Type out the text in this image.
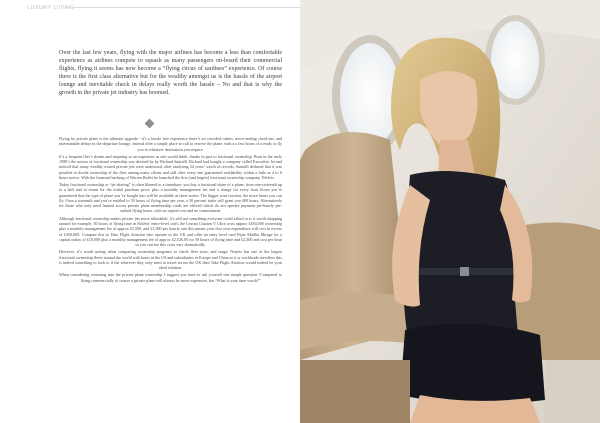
LUXURY LIVING
Over the last few years, flying with the major airlines has become a less than comfortable experience as airlines compete to squash as many passengers on-board their commercial flights, flying it seems has now become a “flying circus of sardines” experience. Of course there is the first class alternative but for the wealthy amongst us is the hassle of the airport lounge and inevitable check in delays really worth the hassle – No and that is why the growth in the private jet industry has boomed.

Flying by private plane is the ultimate upgrade - it’s a hassle free experience there’s no crowded cabins, never-ending check-ins, and interminable delays in the departure lounge, instead offer a simply place to call to reserve the plane, with a a few hours of a ready to fly you to whatever destination you require.

It’s a frequent flier’s dream and inspiring or an expensive as one would think, thanks in part to fractional ownership. Born in the early 1990’s the notion of fractional ownership was devised by by Richard Santulli. Richard had bought a company called Executive Jet and noticed that many wealthy owned private jets were underused, after analysing 24 years’ worth of records, Santulli deduced that it was possible to divide ownership of the fleet among many clients and still offer every one guaranteed availability within a little as 4 to 6 hours notice. With the financial backing of Warren Buffet he launched the first (and largest) fractional ownership company, NetJets.

Today fractional ownership or “jet sharing” is often likened to a timeshare, you buy a fractional share of a plane, from one-sixteenth up to a half and in return for the initial purchase price, plus a monthly management fee and a charge for every hour flown you’re guaranteed that the type of plane you’ve bought into will be available at short notice. The bigger your fraction, the more hours you can fly. Own a sixteenth and you’re entitled to 50 hours of flying time per year, a 50 percent stake will grant you 400 hours. Alternatively for those who only need limited access private plane membership cards are offered which do not operate payment per-hourly per-outlaid flying hours, with no capital cost and no commitment.

Although fractional ownership makes private jets more affordable, it’s still not something everyone could afford or is it worth shopping around for example, 50 hours of flying time in NetJets’ entry-level craft, the Cessna Citation V Ultra costs approx £184,000 ownership plus a monthly management fee of approx £5,500, and £1,900 per hourly rate this means your first year expenditure will cost in excess of £350,000. Compare this to Take Flight Aviation who operate in the UK and offer an entry level card Piper Malibu Mirage for a capital outlay of £10,000 plus a monthly management fee of approx £2,526.00 for 50 hours of flying time and £2,500 and cost per hour so you can see this costs vary dramatically.

However, it’s worth noting when comparing ownership programs to check fleet sizes, and range. Netjets has one of the largest fractional ownership fleets around the world with bases in the US and subsidiaries in Europe and China so it is worldwide travellers this is indeed something to look to if the wherever they only need to travel across the UK then Take Flight Aviation would indeed be your ideal solution.

When considering venturing into the private plane ownership I suggest you have to ask yourself one simple question “Compared to flying commercially of course a private plane will always be more expensive, but “What is your time worth?”
